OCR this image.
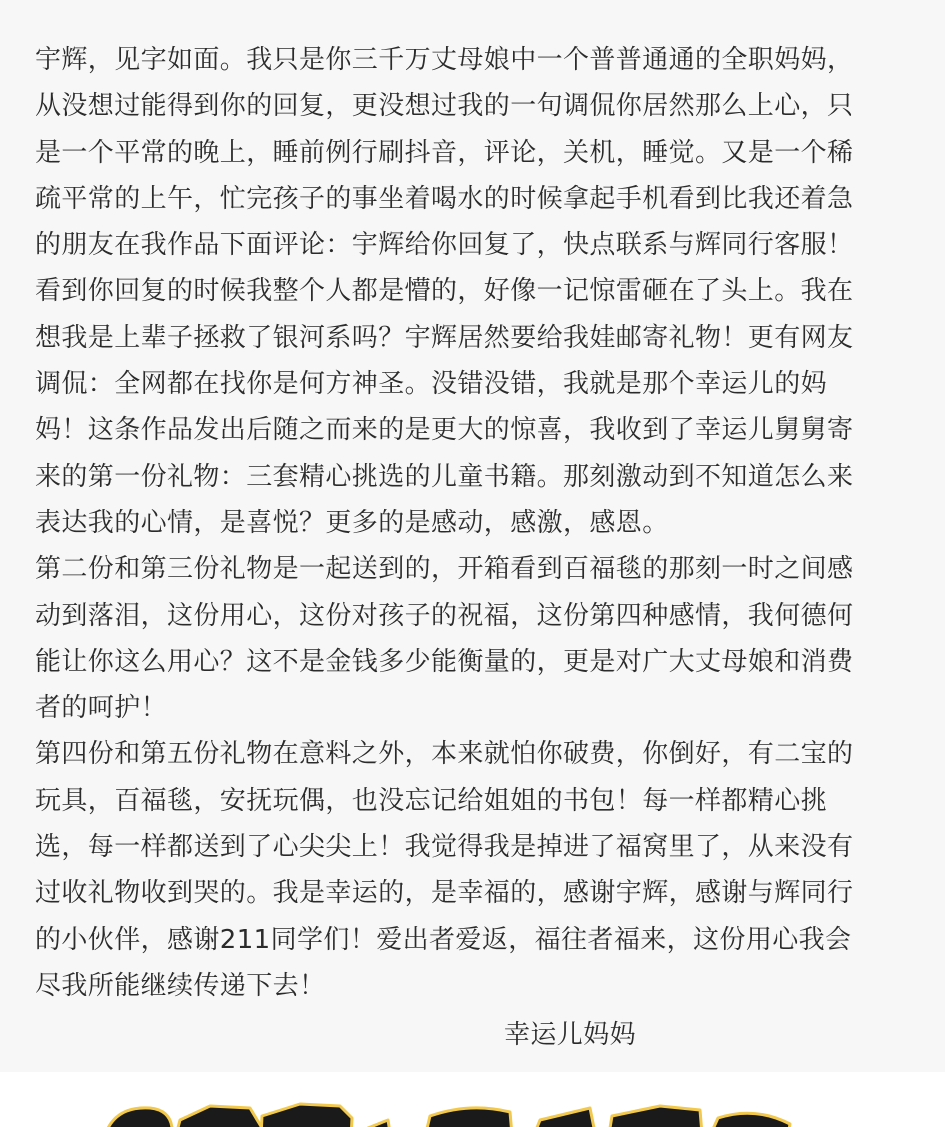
宇辉，见字如面。我只是你三千万丈母娘中一个普普通通的全职妈妈，
从没想过能得到你的回复，更没想过我的一句调侃你居然那么上心，只
是一个平常的晚上，睡前例行刷抖音，评论，关机，睡觉。又是一个稀
疏平常的上午，忙完孩子的事坐着喝水的时候拿起手机看到比我还着急
的朋友在我作品下面评论：宇辉给你回复了，快点联系与辉同行客服！
看到你回复的时候我整个人都是懵的，好像一记惊雷砸在了头上。我在
想我是上辈子拯救了银河系吗？宇辉居然要给我娃邮寄礼物！更有网友
调侃：全网都在找你是何方神圣。没错没错，我就是那个幸运儿的妈
妈！这条作品发出后随之而来的是更大的惊喜，我收到了幸运儿舅舅寄
来的第一份礼物：三套精心挑选的儿童书籍。那刻激动到不知道怎么来
表达我的心情，是喜悦？更多的是感动，感激，感恩。
第二份和第三份礼物是一起送到的，开箱看到百福毯的那刻一时之间感
动到落泪，这份用心，这份对孩子的祝福，这份第四种感情，我何德何
能让你这么用心？这不是金钱多少能衡量的，更是对广大丈母娘和消费
者的呵护！
第四份和第五份礼物在意料之外，本来就怕你破费，你倒好，有二宝的
玩具，百福毯，安抚玩偶，也没忘记给姐姐的书包！每一样都精心挑
选，每一样都送到了心尖尖上！我觉得我是掉进了福窝里了，从来没有
过收礼物收到哭的。我是幸运的，是幸福的，感谢宇辉，感谢与辉同行
的小伙伴，感谢211同学们！爱出者爱返，福往者福来，这份用心我会
尽我所能继续传递下去！
幸运儿妈妈
